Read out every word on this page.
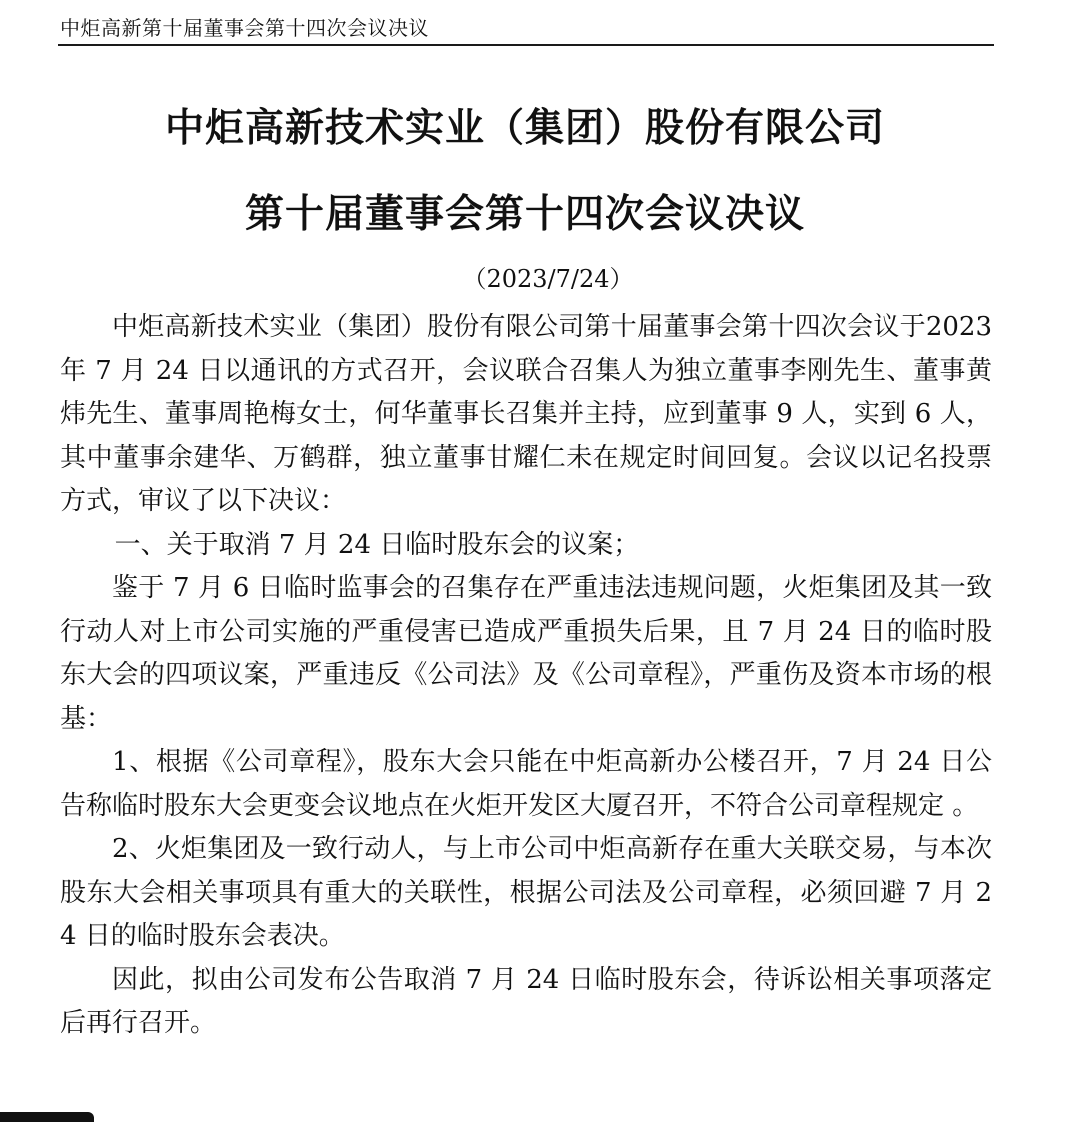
中炬高新第十届董事会第十四次会议决议
中炬高新技术实业（集团）股份有限公司
第十届董事会第十四次会议决议
（2023/7/24）

中炬高新技术实业（集团）股份有限公司第十届董事会第十四次会议于2023 年 7 月 24 日以通讯的方式召开，会议联合召集人为独立董事李刚先生、董事黄炜先生、董事周艳梅女士，何华董事长召集并主持，应到董事 9 人，实到 6 人，其中董事余建华、万鹤群，独立董事甘耀仁未在规定时间回复。会议以记名投票方式，审议了以下决议：

一、关于取消 7 月 24 日临时股东会的议案；

鉴于 7 月 6 日临时监事会的召集存在严重违法违规问题，火炬集团及其一致行动人对上市公司实施的严重侵害已造成严重损失后果，且 7 月 24 日的临时股东大会的四项议案，严重违反《公司法》及《公司章程》，严重伤及资本市场的根基：

1、根据《公司章程》，股东大会只能在中炬高新办公楼召开，7 月 24 日公告称临时股东大会更变会议地点在火炬开发区大厦召开，不符合公司章程规定 。

2、火炬集团及一致行动人，与上市公司中炬高新存在重大关联交易，与本次股东大会相关事项具有重大的关联性，根据公司法及公司章程，必须回避 7 月 24 日的临时股东会表决。

因此，拟由公司发布公告取消 7 月 24 日临时股东会，待诉讼相关事项落定后再行召开。
